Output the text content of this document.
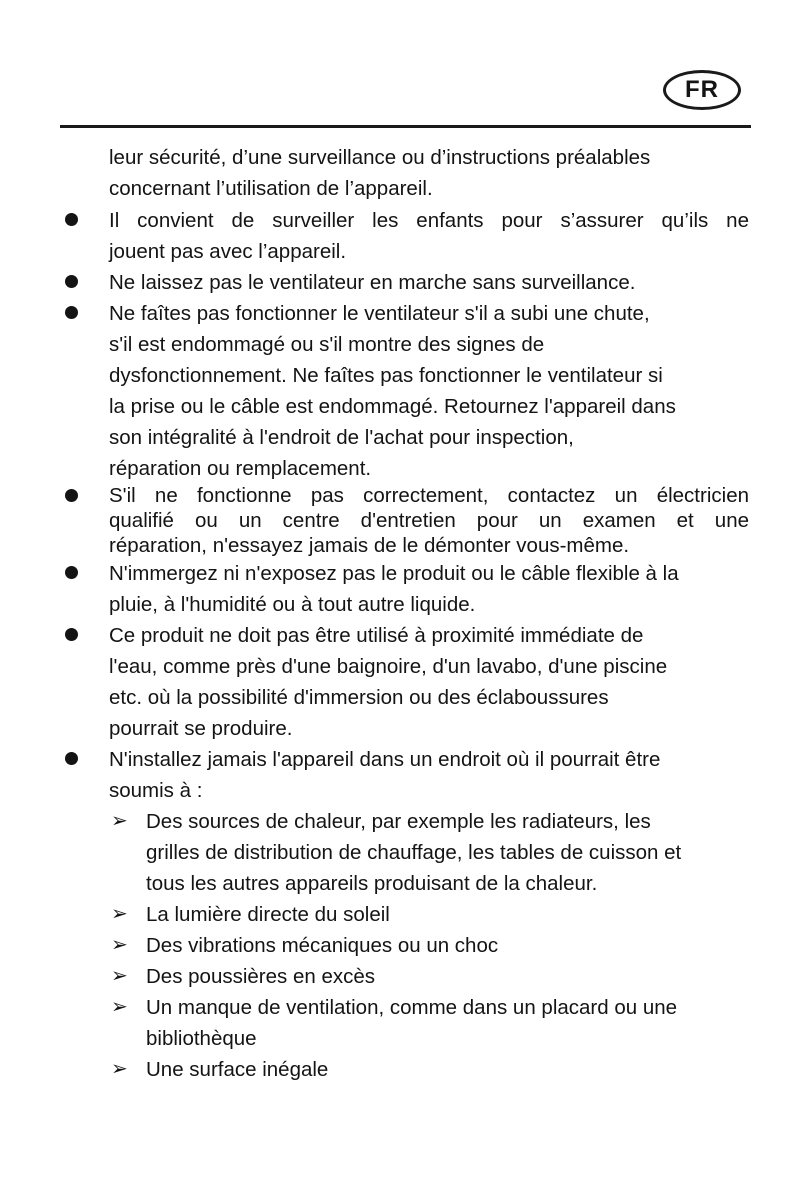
FR
leur sécurité, d’une surveillance ou d’instructions préalables
concernant l’utilisation de l’appareil.
Il convient de surveiller les enfants pour s’assurer qu’ils ne
jouent pas avec l’appareil.
Ne laissez pas le ventilateur en marche sans surveillance.
Ne faîtes pas fonctionner le ventilateur s'il a subi une chute,
s'il est endommagé ou s'il montre des signes de
dysfonctionnement. Ne faîtes pas fonctionner le ventilateur si
la prise ou le câble est endommagé. Retournez l'appareil dans
son intégralité à l'endroit de l'achat pour inspection,
réparation ou remplacement.
S'il ne fonctionne pas correctement, contactez un électricien
qualifié ou un centre d'entretien pour un examen et une
réparation, n'essayez jamais de le démonter vous-même.
N'immergez ni n'exposez pas le produit ou le câble flexible à la
pluie, à l'humidité ou à tout autre liquide.
Ce produit ne doit pas être utilisé à proximité immédiate de
l'eau, comme près d'une baignoire, d'un lavabo, d'une piscine
etc. où la possibilité d'immersion ou des éclaboussures
pourrait se produire.
N'installez jamais l'appareil dans un endroit où il pourrait être
soumis à :
➢ Des sources de chaleur, par exemple les radiateurs, les
grilles de distribution de chauffage, les tables de cuisson et
tous les autres appareils produisant de la chaleur.
➢ La lumière directe du soleil
➢ Des vibrations mécaniques ou un choc
➢ Des poussières en excès
➢ Un manque de ventilation, comme dans un placard ou une
bibliothèque
➢ Une surface inégale
